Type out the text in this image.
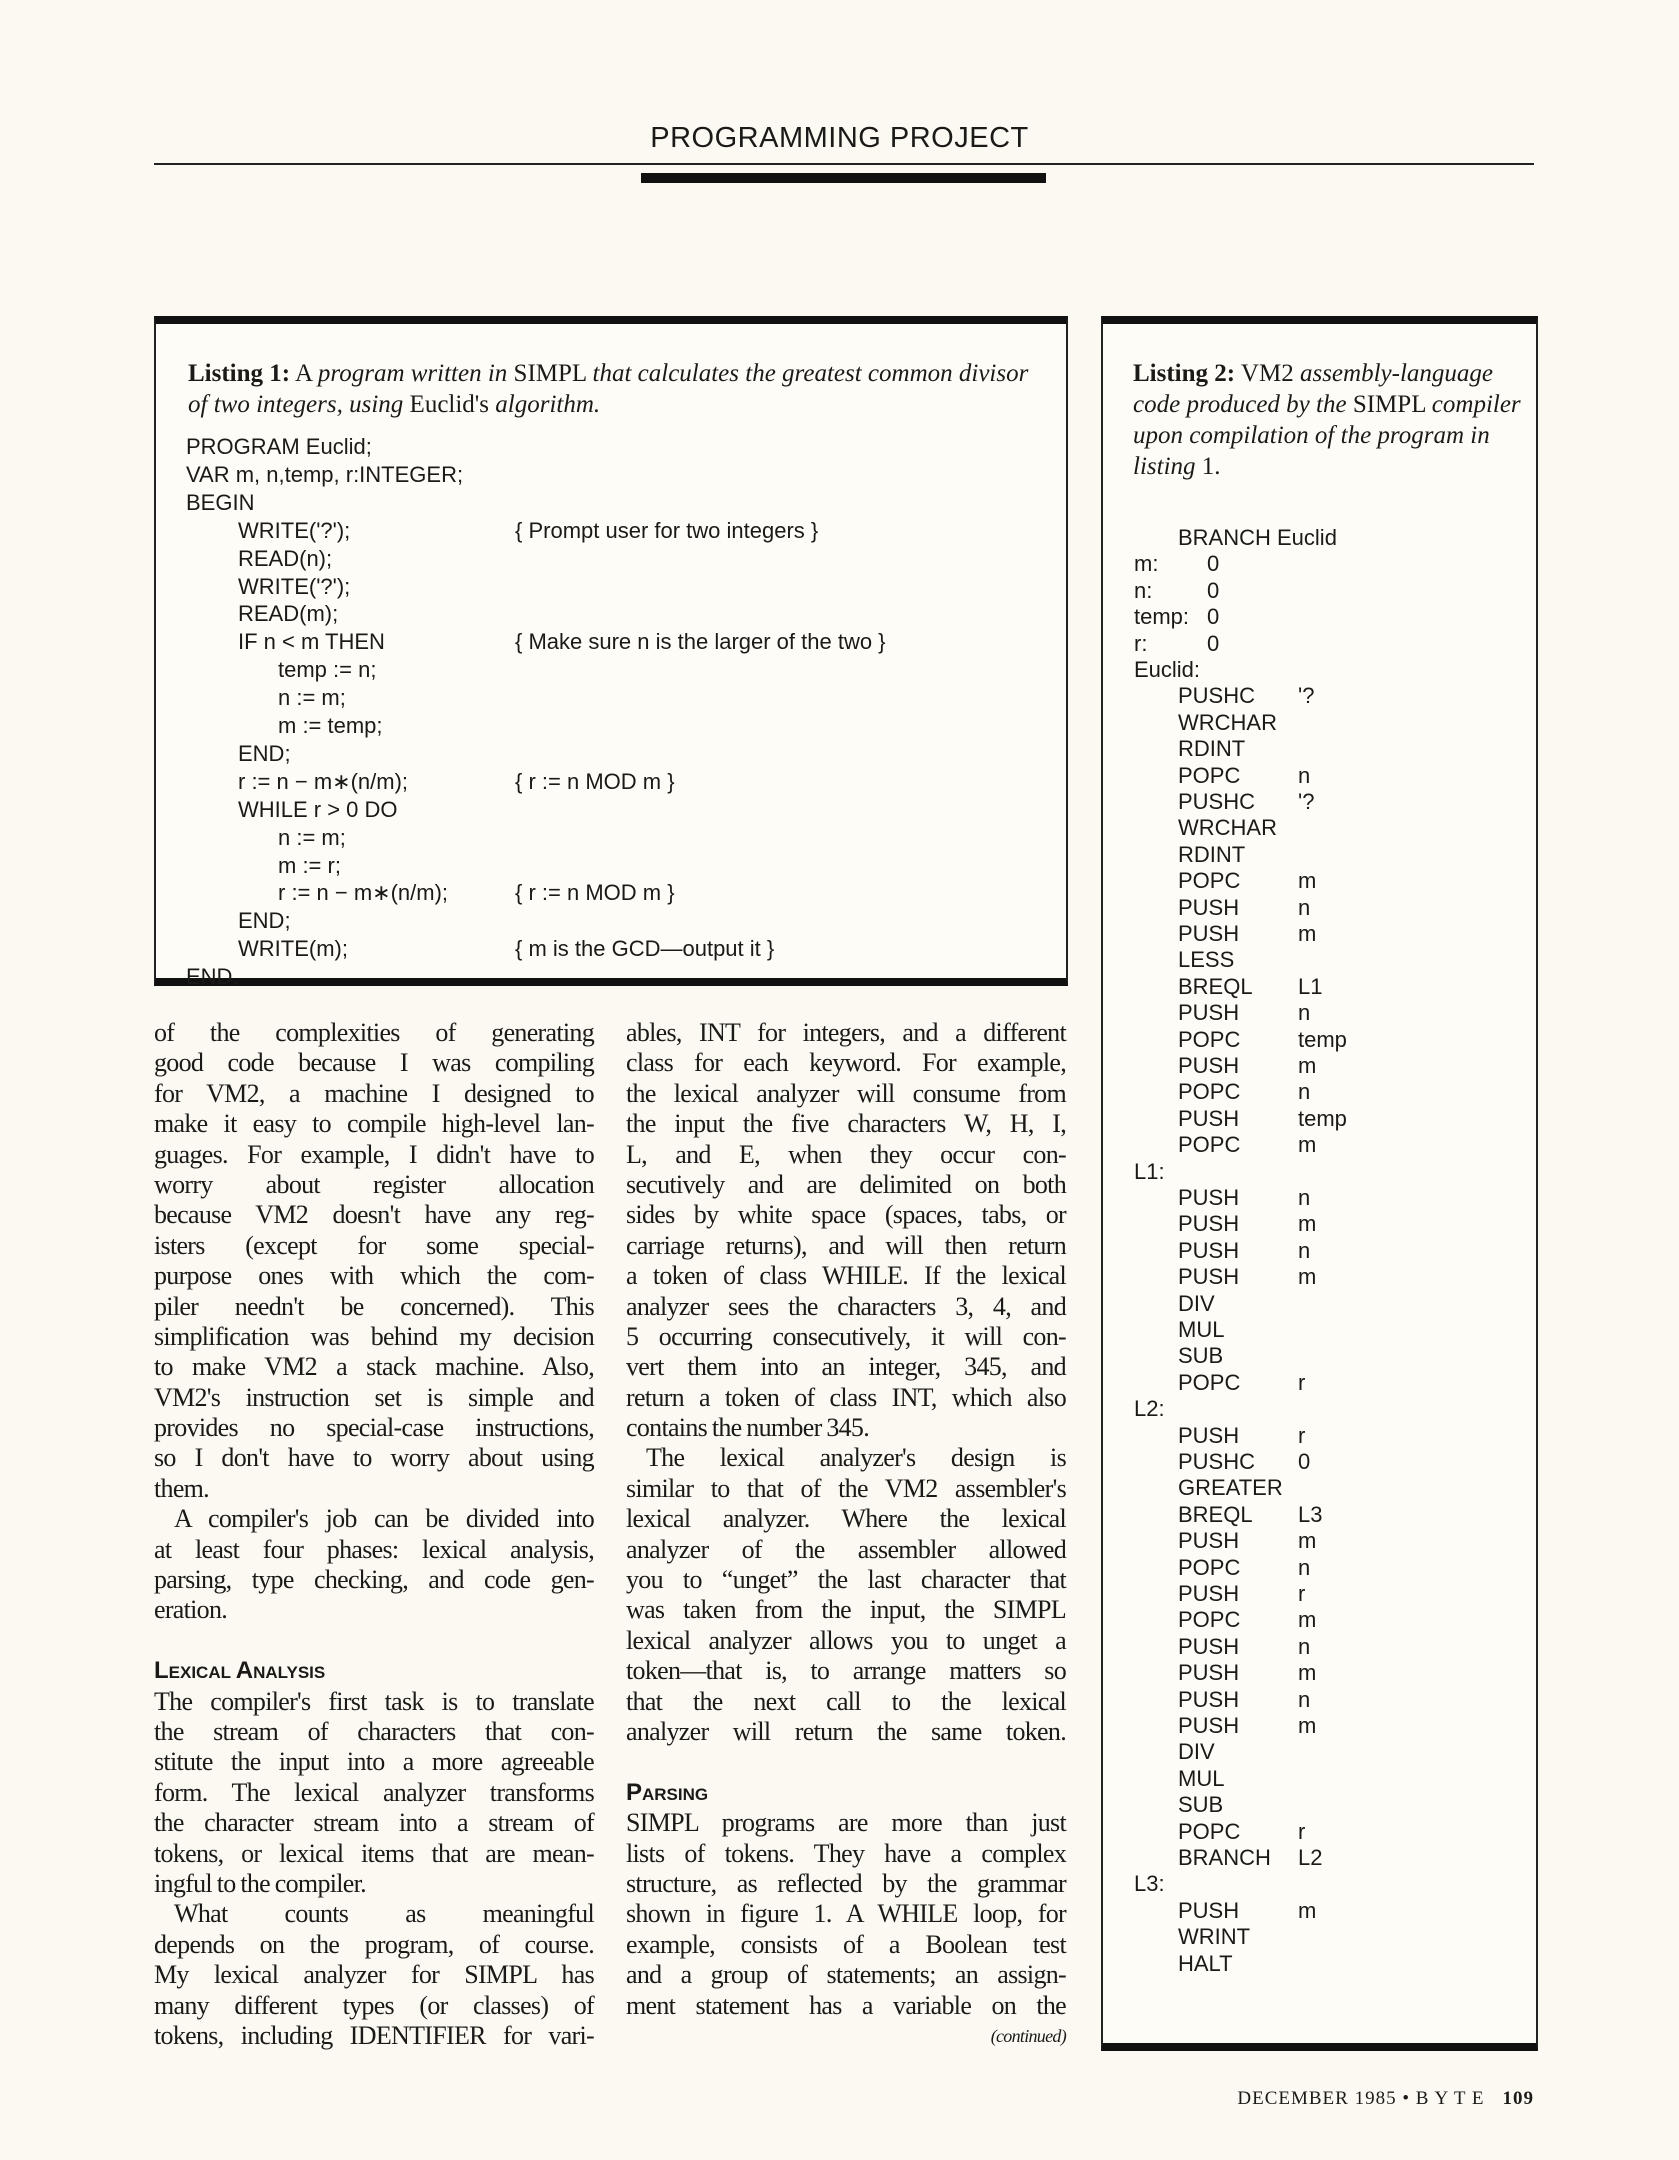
PROGRAMMING PROJECT
Listing 1: A program written in SIMPL that calculates the greatest common divisor of two integers, using Euclid's algorithm.
PROGRAM Euclid;
VAR m, n,temp, r:INTEGER;
BEGIN
WRITE('?');	{ Prompt user for two integers }
READ(n);
WRITE('?');
READ(m);
IF n < m THEN	{ Make sure n is the larger of the two }
temp := n;
n := m;
m := temp;
END;
r := n − m∗(n/m);	{ r := n MOD m }
WHILE r > 0 DO
n := m;
m := r;
r := n − m∗(n/m);	{ r := n MOD m }
END;
WRITE(m);	{ m is the GCD—output it }
END.
Listing 2: VM2 assembly-language code produced by the SIMPL compiler upon compilation of the program in listing 1.
BRANCH Euclid
m: 0
n: 0
temp: 0
r:	0
Euclid:
PUSHC '?
WRCHAR
RDINT
POPC	n
PUSHC '?
WRCHAR
RDINT
POPC	m
PUSH	n
PUSH	m
LESS
BREQL L1
PUSH	n
POPC	temp
PUSH	m
POPC	n
PUSH	temp
POPC	m
L1:
PUSH	n
PUSH	m
PUSH	n
PUSH	m
DIV
MUL
SUB
POPC	r
L2:
PUSH	r
PUSHC 0
GREATER
BREQL L3
PUSH	m
POPC	n
PUSH	r
POPC	m
PUSH	n
PUSH	m
PUSH	n
PUSH	m
DIV
MUL
SUB
POPC	r
BRANCH L2
L3:
PUSH	m
WRINT
HALT
of the complexities of generating
good code because I was compiling
for VM2, a machine I designed to
make it easy to compile high-level lan-
guages. For example, I didn't have to
worry about register allocation
because VM2 doesn't have any reg-
isters (except for some special-
purpose ones with which the com-
piler needn't be concerned). This
simplification was behind my decision
to make VM2 a stack machine. Also,
VM2's instruction set is simple and
provides no special-case instructions,
so I don't have to worry about using
them.
A compiler's job can be divided into
at least four phases: lexical analysis,
parsing, type checking, and code gen-
eration.
Lexical Analysis
The compiler's first task is to translate
the stream of characters that con-
stitute the input into a more agreeable
form. The lexical analyzer transforms
the character stream into a stream of
tokens, or lexical items that are mean-
ingful to the compiler.
What counts as meaningful
depends on the program, of course.
My lexical analyzer for SIMPL has
many different types (or classes) of
tokens, including IDENTIFIER for vari-
ables, INT for integers, and a different
class for each keyword. For example,
the lexical analyzer will consume from
the input the five characters W, H, I,
L, and E, when they occur con-
secutively and are delimited on both
sides by white space (spaces, tabs, or
carriage returns), and will then return
a token of class WHILE. If the lexical
analyzer sees the characters 3, 4, and
5 occurring consecutively, it will con-
vert them into an integer, 345, and
return a token of class INT, which also
contains the number 345.
The lexical analyzer's design is
similar to that of the VM2 assembler's
lexical analyzer. Where the lexical
analyzer of the assembler allowed
you to “unget” the last character that
was taken from the input, the SIMPL
lexical analyzer allows you to unget a
token—that is, to arrange matters so
that the next call to the lexical
analyzer will return the same token.
Parsing
SIMPL programs are more than just
lists of tokens. They have a complex
structure, as reflected by the grammar
shown in figure 1. A WHILE loop, for
example, consists of a Boolean test
and a group of statements; an assign-
ment statement has a variable on the
(continued)
DECEMBER 1985 • B Y T E 109
